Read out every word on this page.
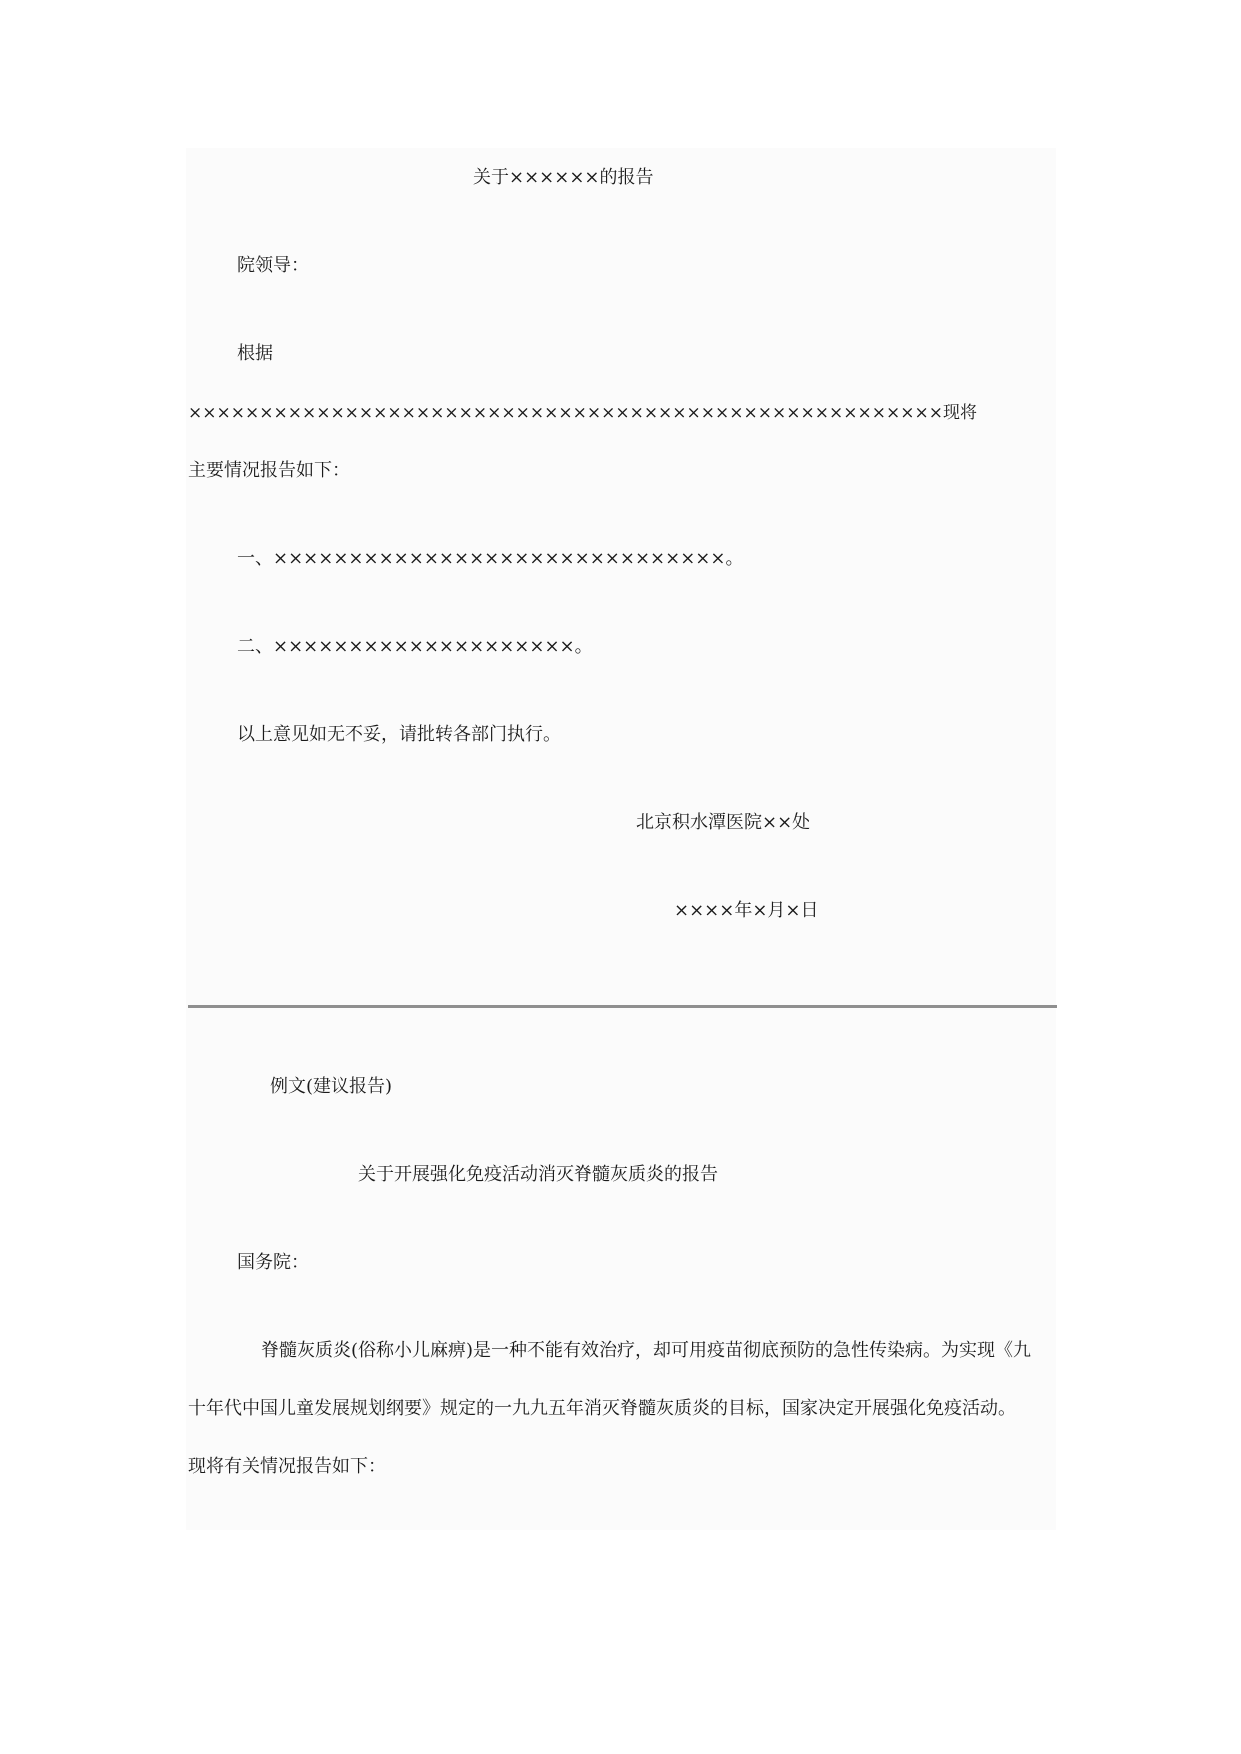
关于××××××的报告
院领导：
根据
×××××××××××××××××××××××××××××××××××××××××××××××××××××现将
主要情况报告如下：
一、××××××××××××××××××××××××××××××。
二、××××××××××××××××××××。
以上意见如无不妥，请批转各部门执行。
北京积水潭医院××处
××××年×月×日
例文(建议报告)
关于开展强化免疫活动消灭脊髓灰质炎的报告
国务院：
脊髓灰质炎(俗称小儿麻痹)是一种不能有效治疗，却可用疫苗彻底预防的急性传染病。为实现《九
十年代中国儿童发展规划纲要》规定的一九九五年消灭脊髓灰质炎的目标，国家决定开展强化免疫活动。
现将有关情况报告如下：
